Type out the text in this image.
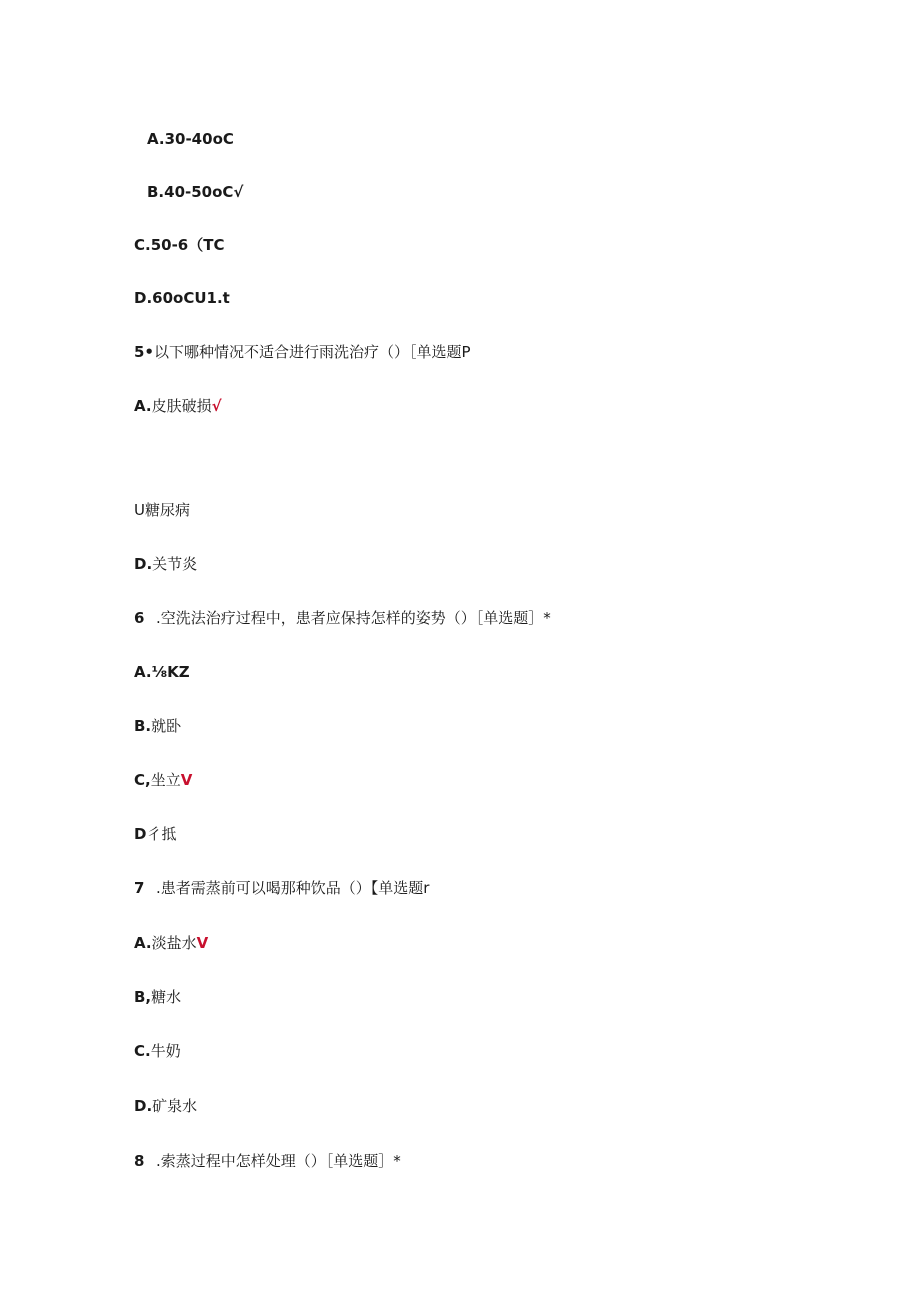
A.30-40oC
B.40-50oC√
C.50-6（TC
D.60oCU1.t
5•以下哪种情况不适合进行雨洗治疗（）［单选题P
A.皮肤破损√
U糖尿病
D.关节炎
6 .空洗法治疗过程中，患者应保持怎样的姿势（）［单选题］*
A.⅛KZ
B.就卧
C,坐立V
D彳抵
7 .患者需蒸前可以喝那种饮品（）【单选题r
A.淡盐水V
B,糖水
C.牛奶
D.矿泉水
8 .索蒸过程中怎样处理（）［单选题］*
